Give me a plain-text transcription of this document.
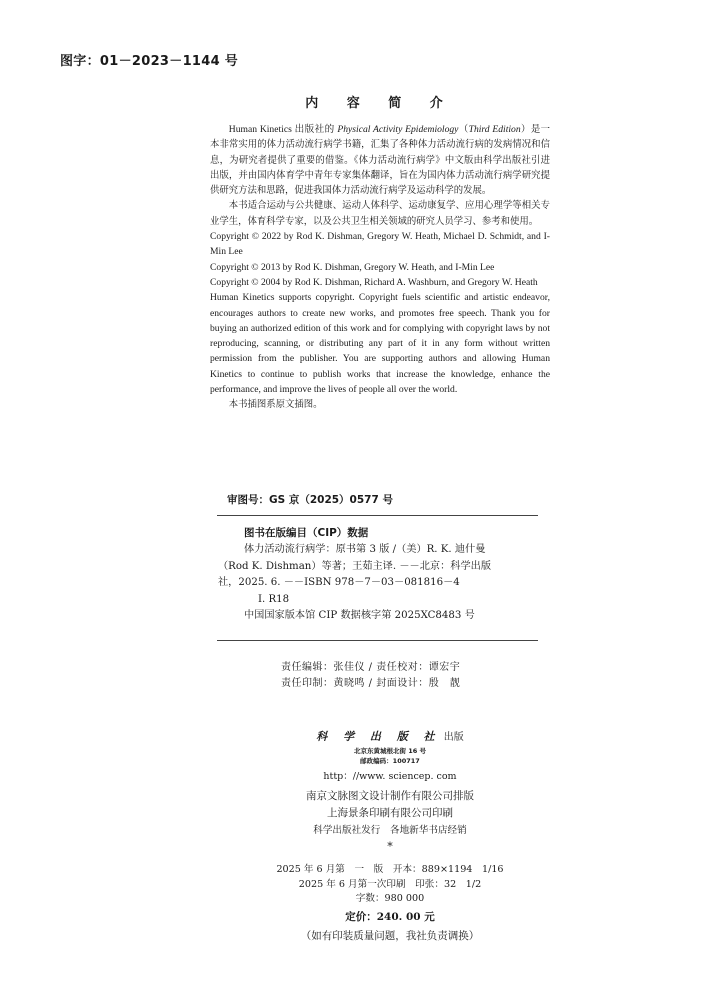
图字：01－2023－1144 号
内 容 简 介

Human Kinetics 出版社的 Physical Activity Epidemiology（Third Edition）是一本非常实用的体力活动流行病学书籍，汇集了各种体力活动流行病的发病情况和信息，为研究者提供了重要的借鉴。《体力活动流行病学》中文版由科学出版社引进出版，并由国内体育学中青年专家集体翻译，旨在为国内体力活动流行病学研究提供研究方法和思路，促进我国体力活动流行病学及运动科学的发展。

本书适合运动与公共健康、运动人体科学、运动康复学、应用心理学等相关专业学生，体育科学专家，以及公共卫生相关领域的研究人员学习、参考和使用。

Copyright © 2022 by Rod K. Dishman, Gregory W. Heath, Michael D. Schmidt, and I-Min Lee

Copyright © 2013 by Rod K. Dishman, Gregory W. Heath, and I-Min Lee

Copyright © 2004 by Rod K. Dishman, Richard A. Washburn, and Gregory W. Heath

Human Kinetics supports copyright. Copyright fuels scientific and artistic endeavor, encourages authors to create new works, and promotes free speech. Thank you for buying an authorized edition of this work and for complying with copyright laws by not reproducing, scanning, or distributing any part of it in any form without written permission from the publisher. You are supporting authors and allowing Human Kinetics to continue to publish works that increase the knowledge, enhance the performance, and improve the lives of people all over the world.

本书插图系原文插图。

审图号：GS 京（2025）0577 号
图书在版编目（CIP）数据
体力活动流行病学：原书第 3 版 /（美）R. K. 迪什曼
（Rod K. Dishman）等著；王茹主译. －－北京：科学出版
社，2025. 6. －－ISBN 978－7－03－081816－4
Ⅰ. R18
中国国家版本馆 CIP 数据核字第 2025XC8483 号
责任编辑：张佳仪 / 责任校对：谭宏宇
责任印制：黄晓鸣 / 封面设计：殷　靓
科 学 出 版 社 出版
北京东黄城根北街 16 号
邮政编码：100717
http：//www. sciencep. com
南京文脉图文设计制作有限公司排版
上海景条印刷有限公司印刷
科学出版社发行　各地新华书店经销
*
2025 年 6 月第　一　版　开本：889×1194　1/16
2025 年 6 月第一次印刷　印张：32　1/2
字数：980 000
定价：240. 00 元
（如有印装质量问题，我社负责调换）
